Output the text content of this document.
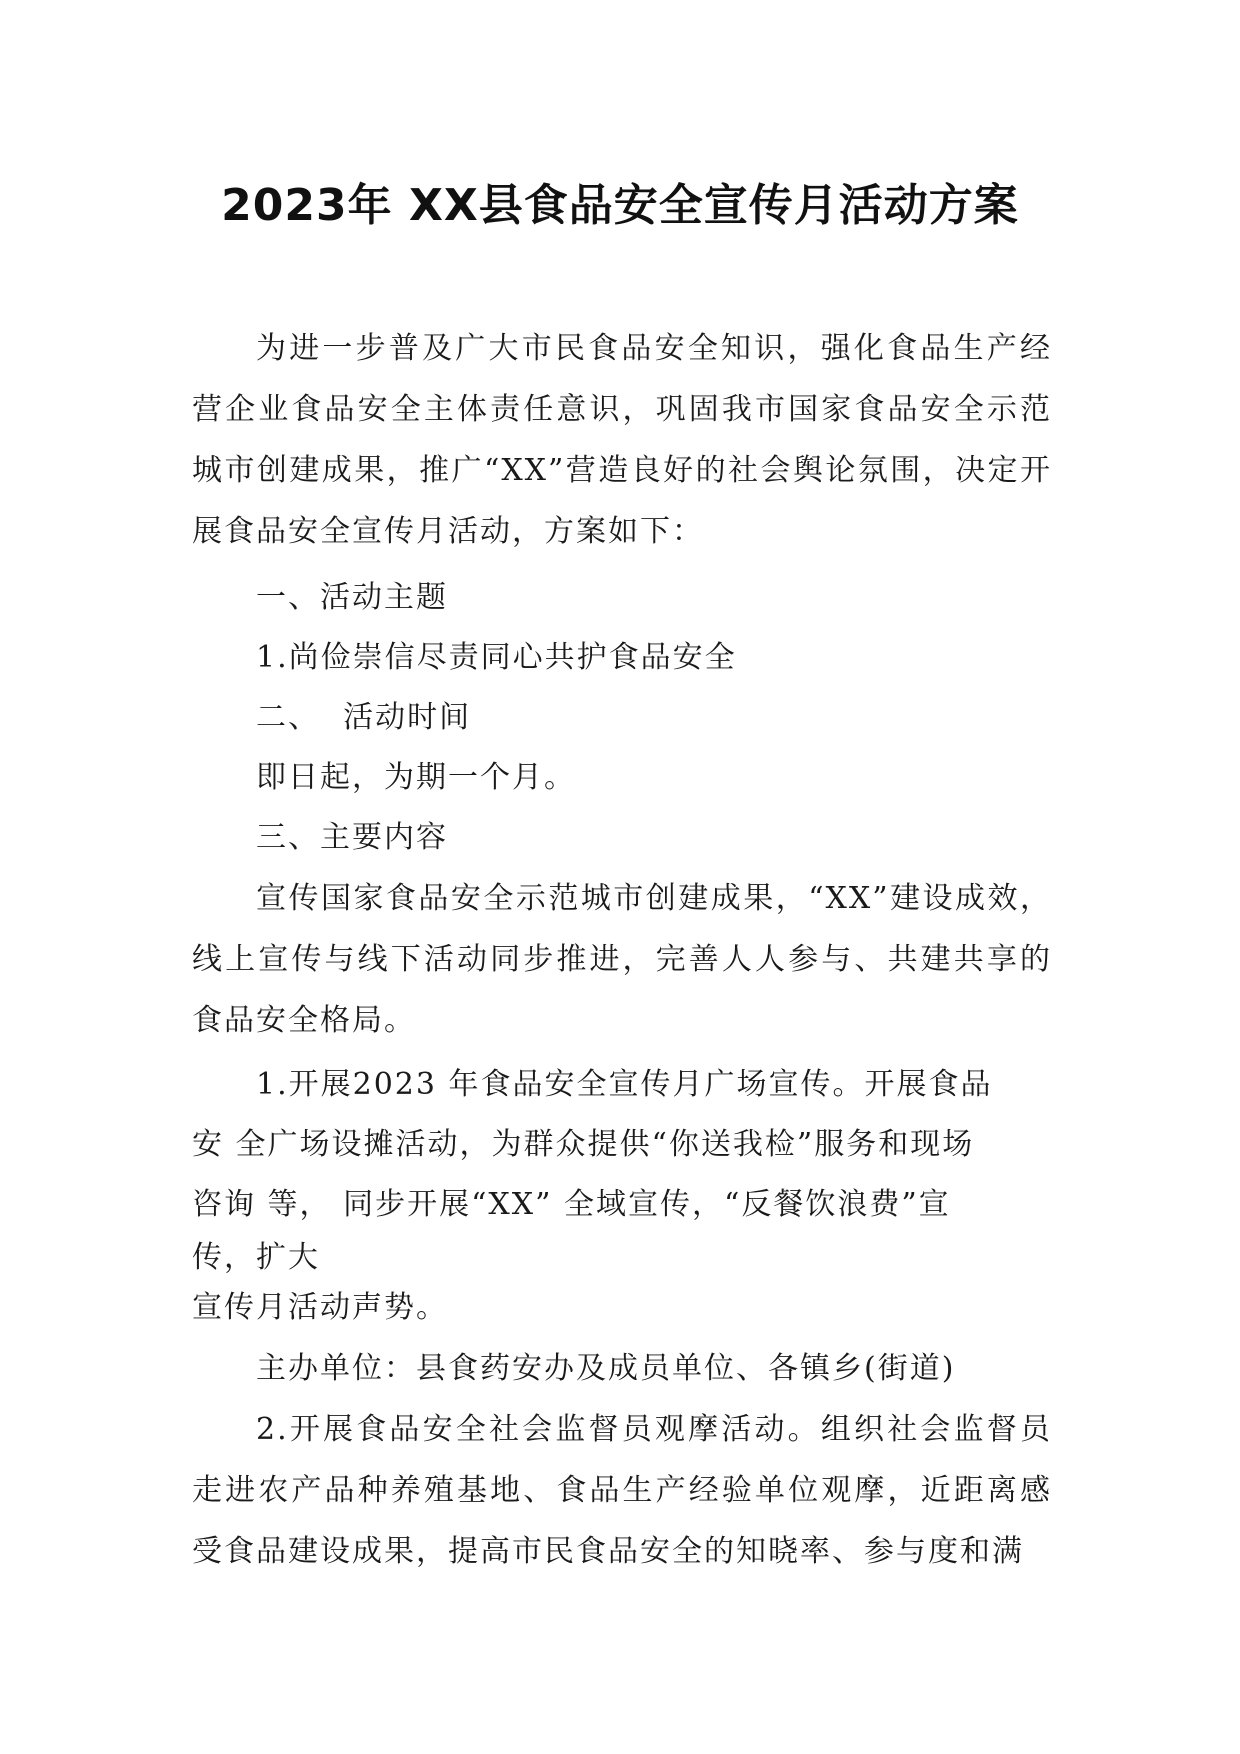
2023年 XX县食品安全宣传月活动方案

为进一步普及广大市民食品安全知识，强化食品生产经营企业食品安全主体责任意识，巩固我市国家食品安全示范城市创建成果，推广“XX”营造良好的社会舆论氛围，决定开展食品安全宣传月活动，方案如下：

一、活动主题

1.尚俭崇信尽责同心共护食品安全

二、  活动时间

即日起，为期一个月。

三、主要内容

宣传国家食品安全示范城市创建成果，“XX”建设成效，线上宣传与线下活动同步推进，完善人人参与、共建共享的食品安全格局。

1.开展2023 年食品安全宣传月广场宣传。开展食品

安 全广场设摊活动，为群众提供“你送我检”服务和现场

咨询 等， 同步开展“XX” 全域宣传，“反餐饮浪费”宣

传，扩大

宣传月活动声势。

主办单位：县食药安办及成员单位、各镇乡(街道)

2.开展食品安全社会监督员观摩活动。组织社会监督员走进农产品种养殖基地、食品生产经验单位观摩，近距离感受食品建设成果，提高市民食品安全的知晓率、参与度和满
